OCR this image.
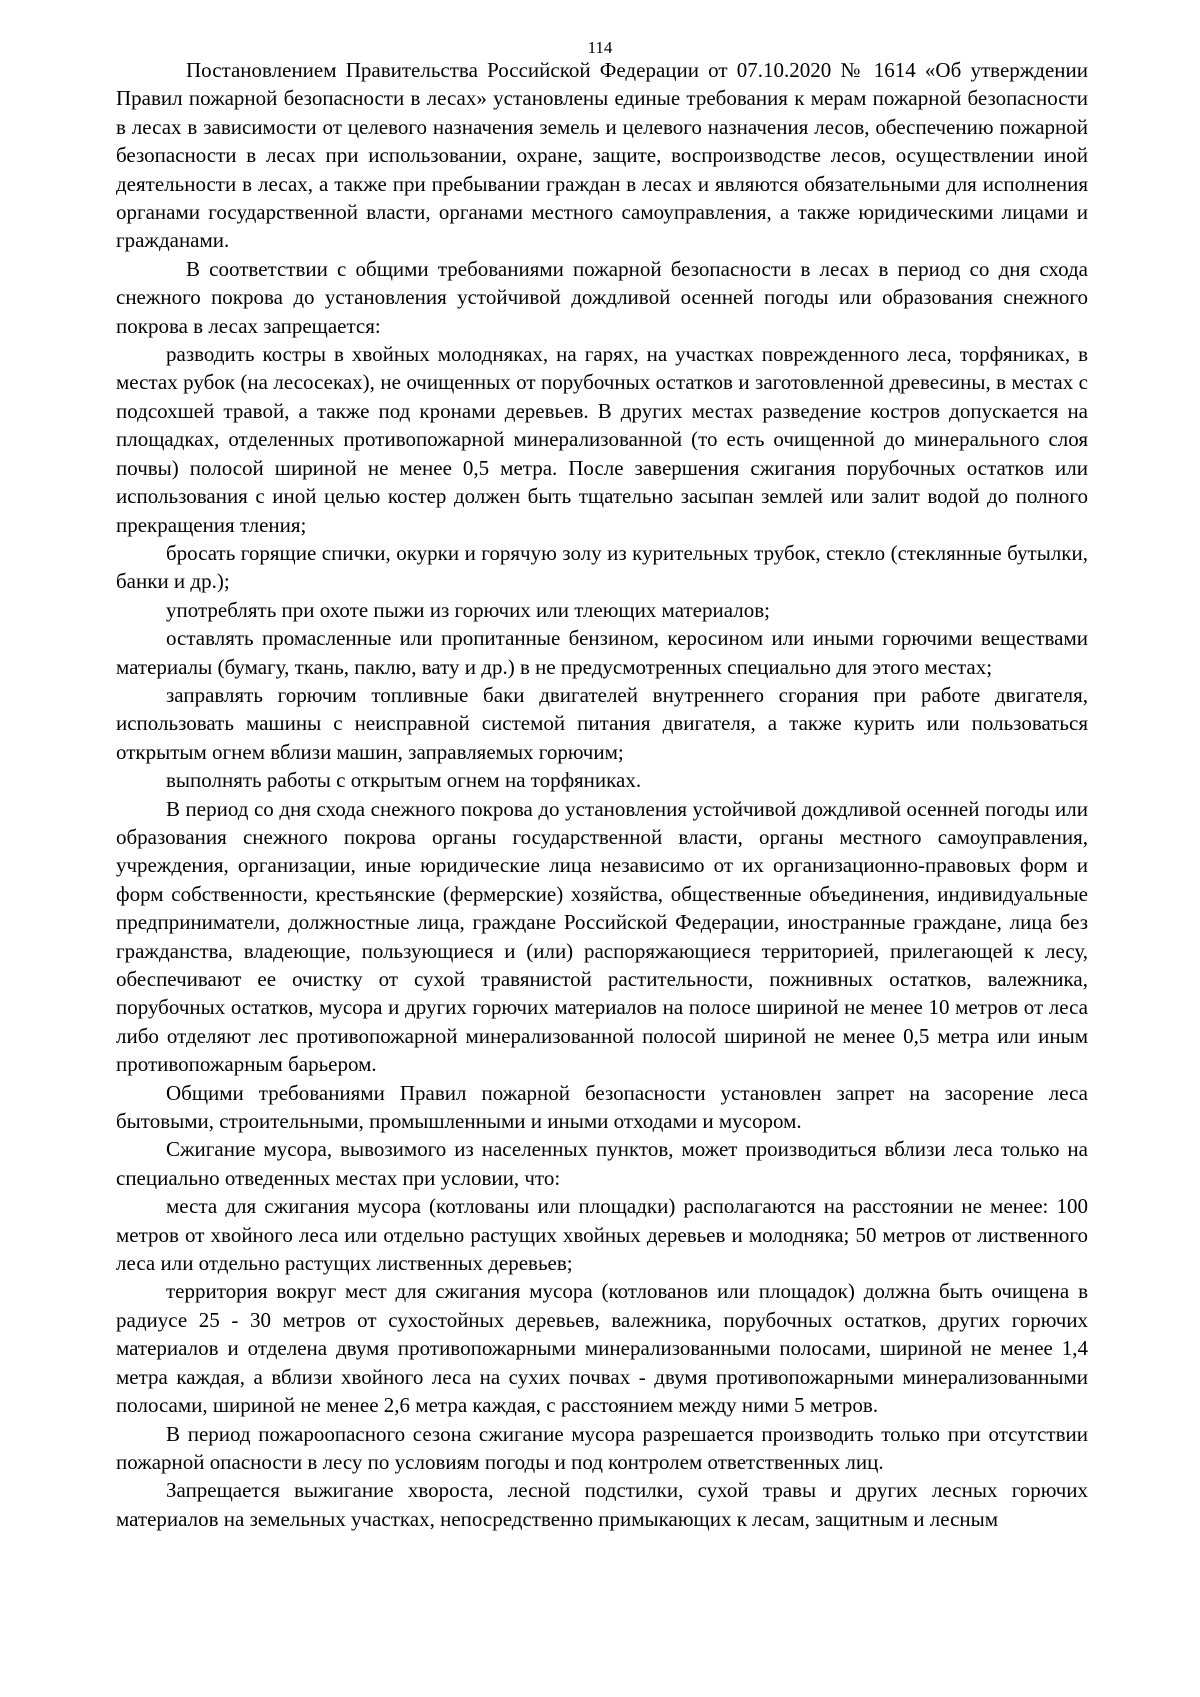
114

Постановлением Правительства Российской Федерации от 07.10.2020 № 1614 «Об утверждении Правил пожарной безопасности в лесах» установлены единые требования к мерам пожарной безопасности в лесах в зависимости от целевого назначения земель и целевого назначения лесов, обеспечению пожарной безопасности в лесах при использовании, охране, защите, воспроизводстве лесов, осуществлении иной деятельности в лесах, а также при пребывании граждан в лесах и являются обязательными для исполнения органами государственной власти, органами местного самоуправления, а также юридическими лицами и гражданами.

В соответствии с общими требованиями пожарной безопасности в лесах в период со дня схода снежного покрова до установления устойчивой дождливой осенней погоды или образования снежного покрова в лесах запрещается:

разводить костры в хвойных молодняках, на гарях, на участках поврежденного леса, торфяниках, в местах рубок (на лесосеках), не очищенных от порубочных остатков и заготовленной древесины, в местах с подсохшей травой, а также под кронами деревьев. В других местах разведение костров допускается на площадках, отделенных противопожарной минерализованной (то есть очищенной до минерального слоя почвы) полосой шириной не менее 0,5 метра. После завершения сжигания порубочных остатков или использования с иной целью костер должен быть тщательно засыпан землей или залит водой до полного прекращения тления;

бросать горящие спички, окурки и горячую золу из курительных трубок, стекло (стеклянные бутылки, банки и др.);

употреблять при охоте пыжи из горючих или тлеющих материалов;

оставлять промасленные или пропитанные бензином, керосином или иными горючими веществами материалы (бумагу, ткань, паклю, вату и др.) в не предусмотренных специально для этого местах;

заправлять горючим топливные баки двигателей внутреннего сгорания при работе двигателя, использовать машины с неисправной системой питания двигателя, а также курить или пользоваться открытым огнем вблизи машин, заправляемых горючим;

выполнять работы с открытым огнем на торфяниках.

В период со дня схода снежного покрова до установления устойчивой дождливой осенней погоды или образования снежного покрова органы государственной власти, органы местного самоуправления, учреждения, организации, иные юридические лица независимо от их организационно-правовых форм и форм собственности, крестьянские (фермерские) хозяйства, общественные объединения, индивидуальные предприниматели, должностные лица, граждане Российской Федерации, иностранные граждане, лица без гражданства, владеющие, пользующиеся и (или) распоряжающиеся территорией, прилегающей к лесу, обеспечивают ее очистку от сухой травянистой растительности, пожнивных остатков, валежника, порубочных остатков, мусора и других горючих материалов на полосе шириной не менее 10 метров от леса либо отделяют лес противопожарной минерализованной полосой шириной не менее 0,5 метра или иным противопожарным барьером.

Общими требованиями Правил пожарной безопасности установлен запрет на засорение леса бытовыми, строительными, промышленными и иными отходами и мусором.

Сжигание мусора, вывозимого из населенных пунктов, может производиться вблизи леса только на специально отведенных местах при условии, что:

места для сжигания мусора (котлованы или площадки) располагаются на расстоянии не менее: 100 метров от хвойного леса или отдельно растущих хвойных деревьев и молодняка; 50 метров от лиственного леса или отдельно растущих лиственных деревьев;

территория вокруг мест для сжигания мусора (котлованов или площадок) должна быть очищена в радиусе 25 - 30 метров от сухостойных деревьев, валежника, порубочных остатков, других горючих материалов и отделена двумя противопожарными минерализованными полосами, шириной не менее 1,4 метра каждая, а вблизи хвойного леса на сухих почвах - двумя противопожарными минерализованными полосами, шириной не менее 2,6 метра каждая, с расстоянием между ними 5 метров.

В период пожароопасного сезона сжигание мусора разрешается производить только при отсутствии пожарной опасности в лесу по условиям погоды и под контролем ответственных лиц.

Запрещается выжигание хвороста, лесной подстилки, сухой травы и других лесных горючих материалов на земельных участках, непосредственно примыкающих к лесам, защитным и лесным
